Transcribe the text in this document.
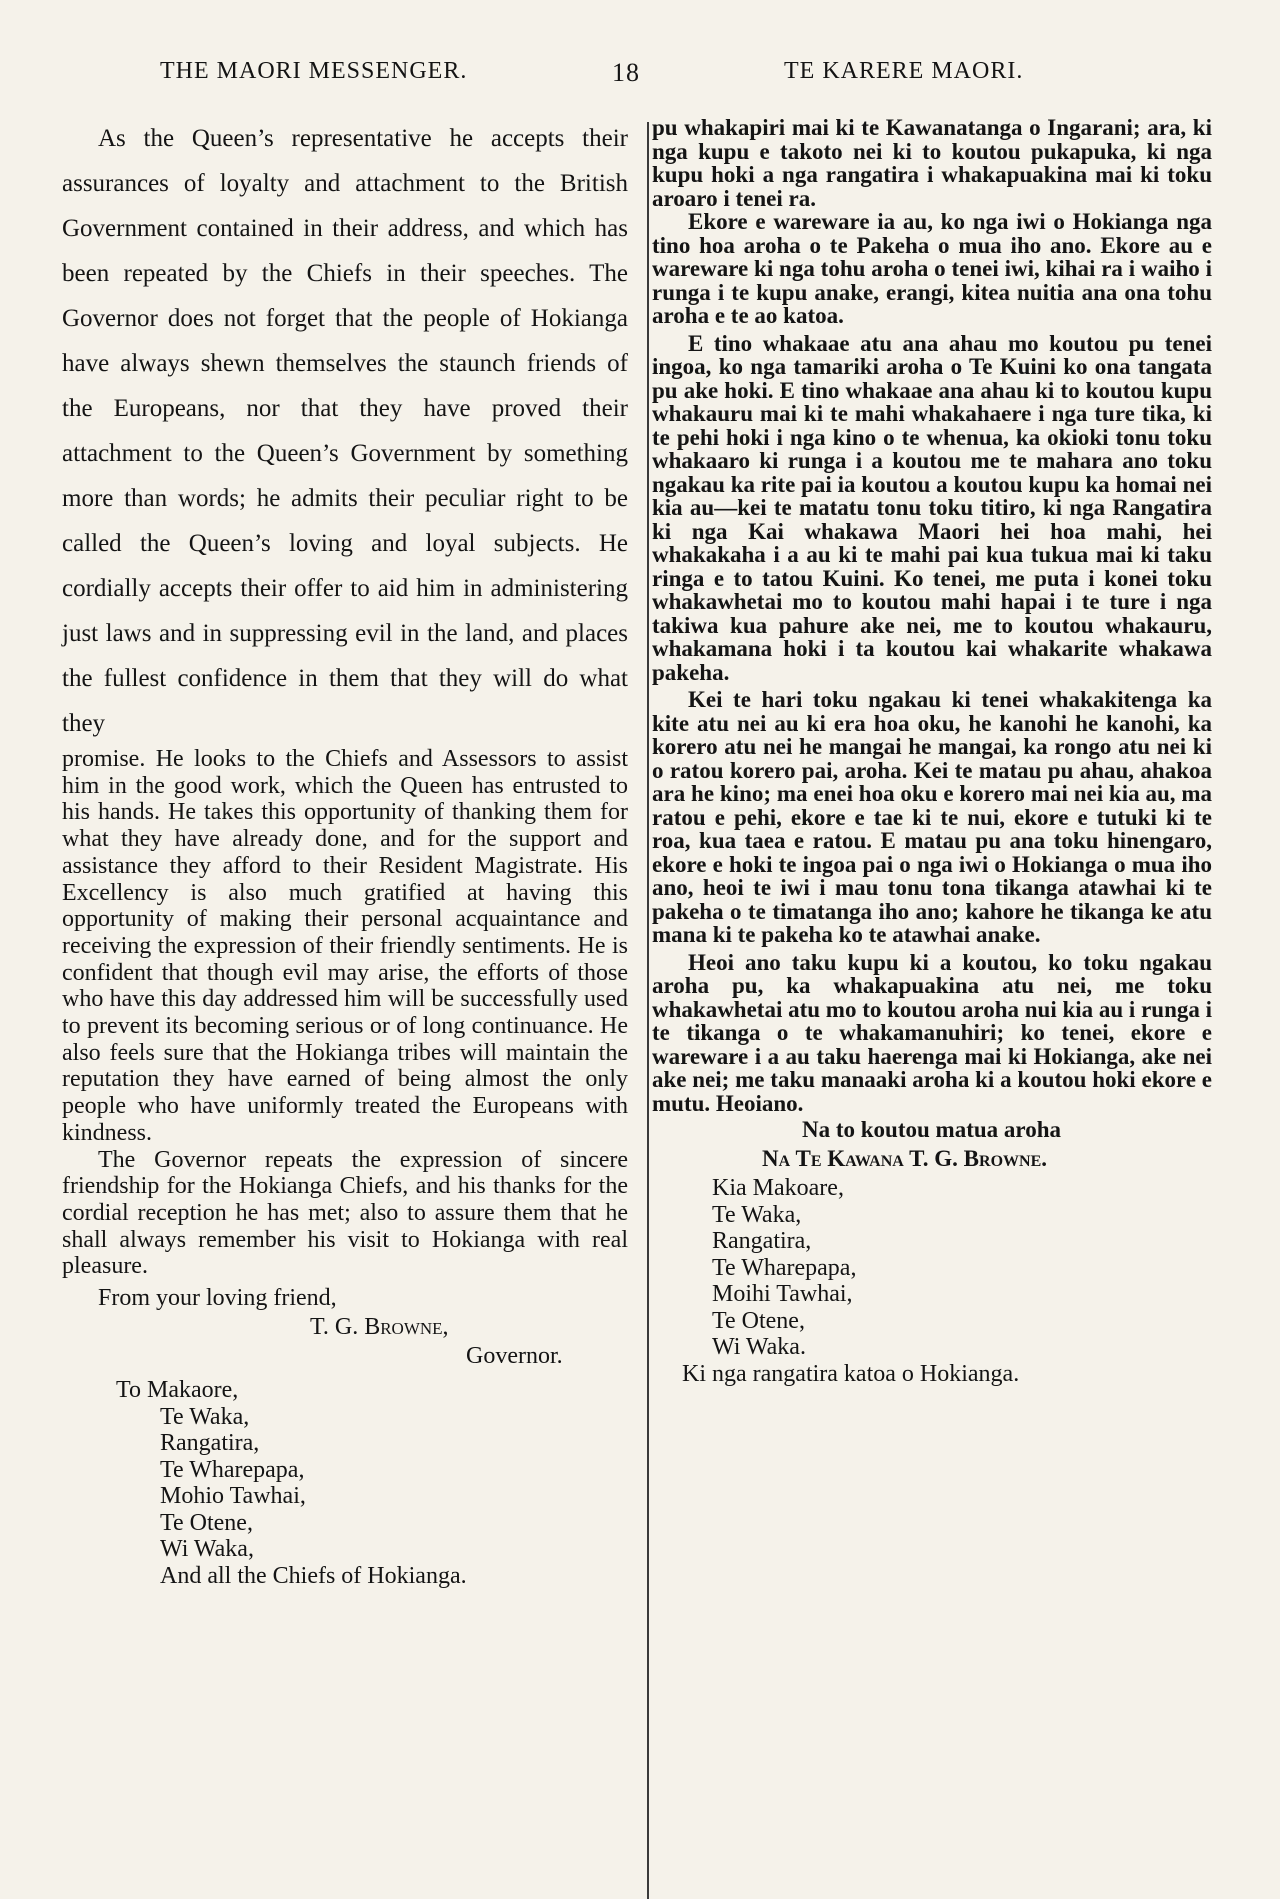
THE MAORI MESSENGER.	18	TE KARERE MAORI.

As the Queen’s representative he accepts their assurances of loyalty and attachment to the British Government contained in their address, and which has been repeated by the Chiefs in their speeches. The Governor does not forget that the people of Hokianga have always shewn themselves the staunch friends of the Europeans, nor that they have proved their attachment to the Queen’s Government by something more than words; he admits their peculiar right to be called the Queen’s loving and loyal subjects. He cordially accepts their offer to aid him in administering just laws and in suppressing evil in the land, and places the fullest confidence in them that they will do what they

promise. He looks to the Chiefs and Assessors to assist him in the good work, which the Queen has entrusted to his hands. He takes this opportunity of thanking them for what they have already done, and for the support and assistance they afford to their Resident Magistrate. His Excellency is also much gratified at having this opportunity of making their personal acquaintance and receiving the expression of their friendly sentiments. He is confident that though evil may arise, the efforts of those who have this day addressed him will be successfully used to prevent its becoming serious or of long continuance. He also feels sure that the Hokianga tribes will maintain the reputation they have earned of being almost the only people who have uniformly treated the Europeans with kindness.

The Governor repeats the expression of sincere friendship for the Hokianga Chiefs, and his thanks for the cordial reception he has met; also to assure them that he shall always remember his visit to Hokianga with real pleasure.

From your loving friend,
T. G. Browne,
Governor.
To Makaore,
Te Waka,
Rangatira,
Te Wharepapa,
Mohio Tawhai,
Te Otene,
Wi Waka,
And all the Chiefs of Hokianga.

pu whakapiri mai ki te Kawanatanga o Ingarani; ara, ki nga kupu e takoto nei ki to koutou pukapuka, ki nga kupu hoki a nga rangatira i whakapuakina mai ki toku aroaro i tenei ra.

Ekore e wareware ia au, ko nga iwi o Hokianga nga tino hoa aroha o te Pakeha o mua iho ano. Ekore au e wareware ki nga tohu aroha o tenei iwi, kihai ra i waiho i runga i te kupu anake, erangi, kitea nuitia ana ona tohu aroha e te ao katoa.

E tino whakaae atu ana ahau mo koutou pu tenei ingoa, ko nga tamariki aroha o Te Kuini ko ona tangata pu ake hoki. E tino whakaae ana ahau ki to koutou kupu whakauru mai ki te mahi whakahaere i nga ture tika, ki te pehi hoki i nga kino o te whenua, ka okioki tonu toku whakaaro ki runga i a koutou me te mahara ano toku ngakau ka rite pai ia koutou a koutou kupu ka homai nei kia au—kei te matatu tonu toku titiro, ki nga Rangatira ki nga Kai whakawa Maori hei hoa mahi, hei whakakaha i a au ki te mahi pai kua tukua mai ki taku ringa e to tatou Kuini. Ko tenei, me puta i konei toku whakawhetai mo to koutou mahi hapai i te ture i nga takiwa kua pahure ake nei, me to koutou whakauru, whakamana hoki i ta koutou kai whakarite whakawa pakeha.

Kei te hari toku ngakau ki tenei whakakitenga ka kite atu nei au ki era hoa oku, he kanohi he kanohi, ka korero atu nei he mangai he mangai, ka rongo atu nei ki o ratou korero pai, aroha. Kei te matau pu ahau, ahakoa ara he kino; ma enei hoa oku e korero mai nei kia au, ma ratou e pehi, ekore e tae ki te nui, ekore e tutuki ki te roa, kua taea e ratou. E matau pu ana toku hinengaro, ekore e hoki te ingoa pai o nga iwi o Hokianga o mua iho ano, heoi te iwi i mau tonu tona tikanga atawhai ki te pakeha o te timatanga iho ano; kahore he tikanga ke atu mana ki te pakeha ko te atawhai anake.

Heoi ano taku kupu ki a koutou, ko toku ngakau aroha pu, ka whakapuakina atu nei, me toku whakawhetai atu mo to koutou aroha nui kia au i runga i te tikanga o te whakamanuhiri; ko tenei, ekore e wareware i a au taku haerenga mai ki Hokianga, ake nei ake nei; me taku manaaki aroha ki a koutou hoki ekore e mutu. Heoiano.

Na to koutou matua aroha
Na Te Kawana T. G. Browne.
Kia Makoare,
Te Waka,
Rangatira,
Te Wharepapa,
Moihi Tawhai,
Te Otene,
Wi Waka.
Ki nga rangatira katoa o Hokianga.
